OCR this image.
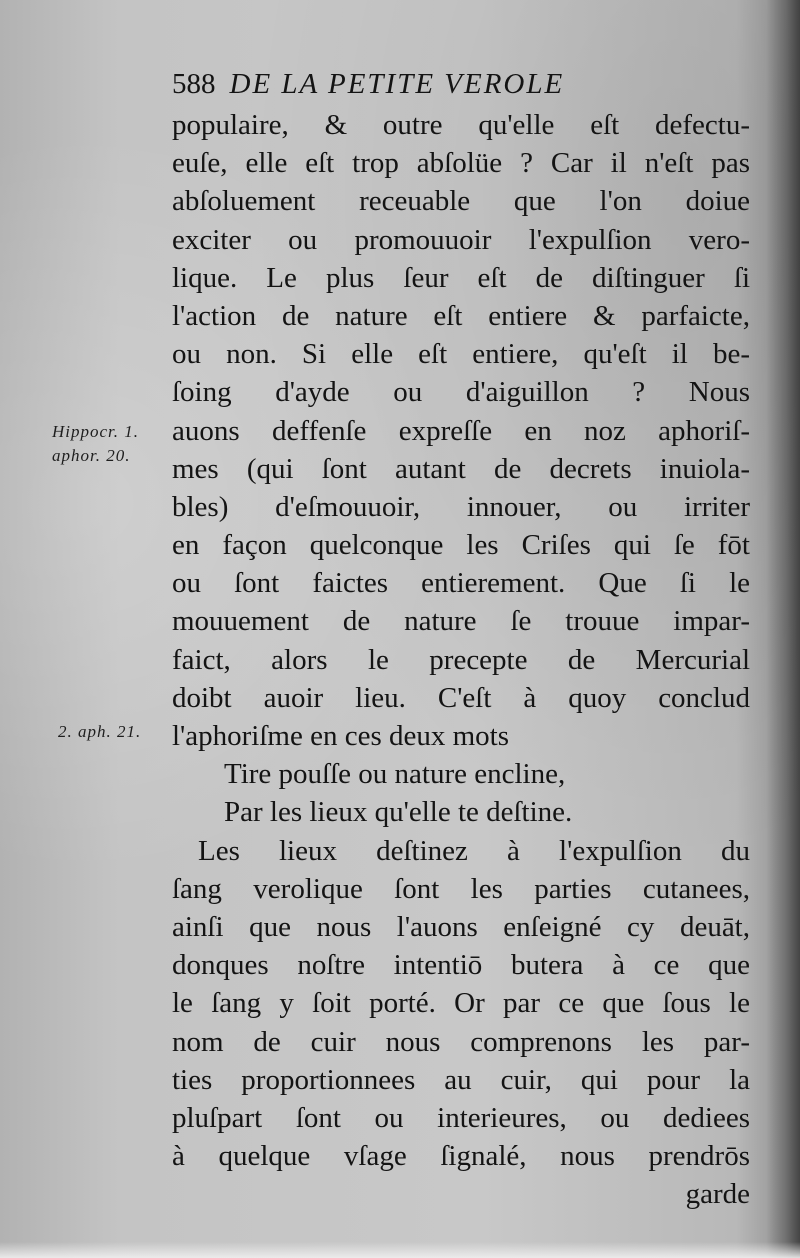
588 DE LA PETITE VEROLE
Hippocr. 1.
aphor. 20.
2. aph. 21.
populaire, & outre qu'elle eſt defectu-
euſe, elle eſt trop abſolüe ? Car il n'eſt pas
abſoluement receuable que l'on doiue
exciter ou promouuoir l'expulſion vero-
lique. Le plus ſeur eſt de diſtinguer ſi
l'action de nature eſt entiere & parfaicte,
ou non. Si elle eſt entiere, qu'eſt il be-
ſoing d'ayde ou d'aiguillon ? Nous
auons deffenſe expreſſe en noz aphoriſ-
mes (qui ſont autant de decrets inuiola-
bles) d'eſmouuoir, innouer, ou irriter
en façon quelconque les Criſes qui ſe fōt
ou ſont faictes entierement. Que ſi le
mouuement de nature ſe trouue impar-
faict, alors le precepte de Mercurial
doibt auoir lieu. C'eſt à quoy conclud
l'aphoriſme en ces deux mots
Tire pouſſe ou nature encline,
Par les lieux qu'elle te deſtine.
Les lieux deſtinez à l'expulſion du
ſang verolique ſont les parties cutanees,
ainſi que nous l'auons enſeigné cy deuāt,
donques noſtre intentiō butera à ce que
le ſang y ſoit porté. Or par ce que ſous le
nom de cuir nous comprenons les par-
ties proportionnees au cuir, qui pour la
pluſpart ſont ou interieures, ou dediees
à quelque vſage ſignalé, nous prendrōs
garde
